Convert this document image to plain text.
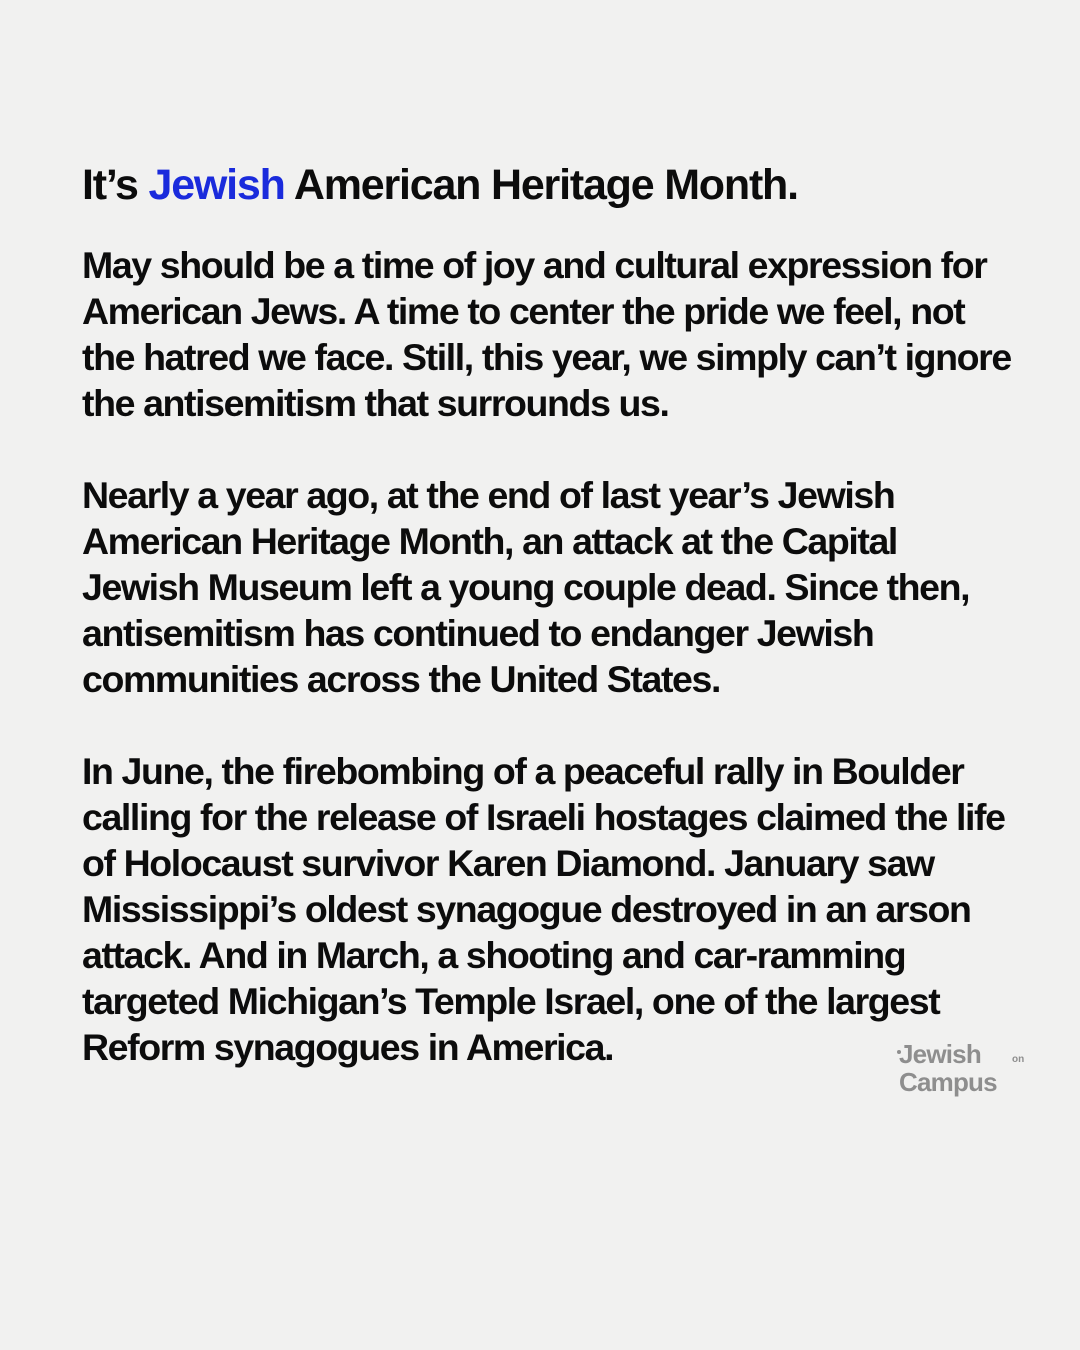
It’s Jewish American Heritage Month.

May should be a time of joy and cultural expression for American Jews. A time to center the pride we feel, not the hatred we face. Still, this year, we simply can’t ignore the antisemitism that surrounds us.

Nearly a year ago, at the end of last year’s Jewish American Heritage Month, an attack at the Capital Jewish Museum left a young couple dead. Since then, antisemitism has continued to endanger Jewish communities across the United States.

In June, the firebombing of a peaceful rally in Boulder calling for the release of Israeli hostages claimed the life of Holocaust survivor Karen Diamond. January saw Mississippi’s oldest synagogue destroyed in an arson attack. And in March, a shooting and car-ramming targeted Michigan’s Temple Israel, one of the largest Reform synagogues in America.	Jewish	on
Campus
